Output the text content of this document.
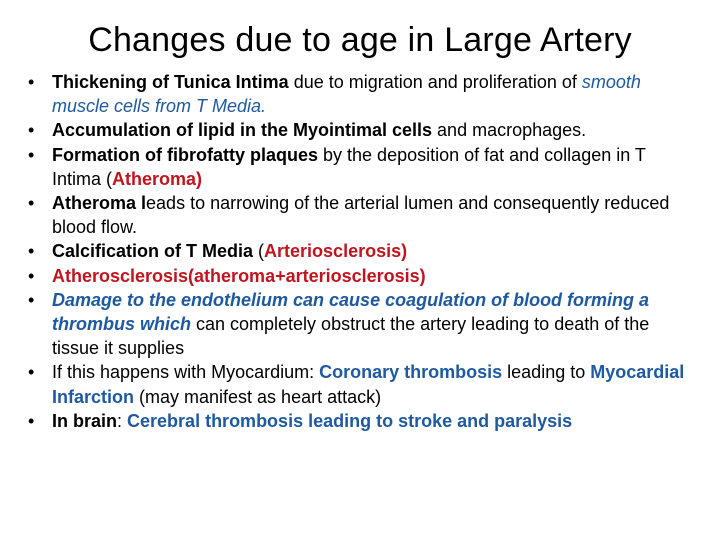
Changes due to age in Large Artery
• Thickening of Tunica Intima due to migration and proliferation of smooth muscle cells from T Media.
• Accumulation of lipid in the Myointimal cells and macrophages.
• Formation of fibrofatty plaques by the deposition of fat and collagen in T Intima (Atheroma)
• Atheroma leads to narrowing of the arterial lumen and consequently reduced blood flow.
• Calcification of T Media (Arteriosclerosis)
• Atherosclerosis(atheroma+arteriosclerosis)
• Damage to the endothelium can cause coagulation of blood forming a thrombus which can completely obstruct the artery leading to death of the tissue it supplies
• If this happens with Myocardium: Coronary thrombosis leading to Myocardial Infarction (may manifest as heart attack)
• In brain: Cerebral thrombosis leading to stroke and paralysis
